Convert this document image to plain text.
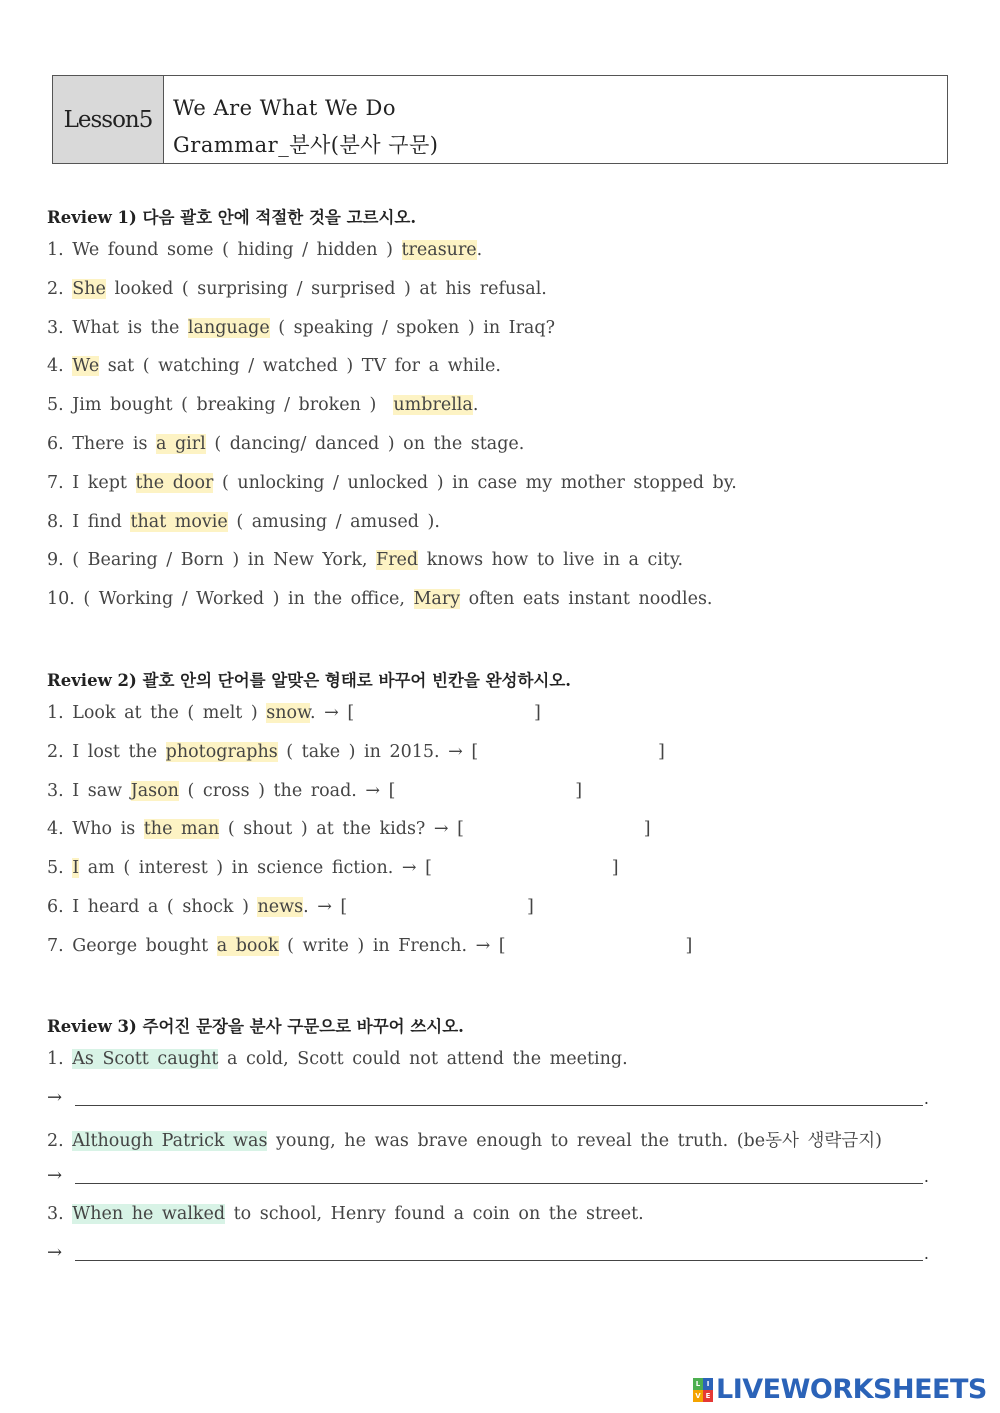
Lesson5 We Are What We Do
Grammar_분사(분사 구문)
Review 1) 다음 괄호 안에 적절한 것을 고르시오.
1. We found some ( hiding / hidden ) treasure.
2. She looked ( surprising / surprised ) at his refusal.
3. What is the language ( speaking / spoken ) in Iraq?
4. We sat ( watching / watched ) TV for a while.
5. Jim bought ( breaking / broken )  umbrella.
6. There is a girl ( dancing/ danced ) on the stage.
7. I kept the door ( unlocking / unlocked ) in case my mother stopped by.
8. I find that movie ( amusing / amused ).
9. ( Bearing / Born ) in New York, Fred knows how to live in a city.
10. ( Working / Worked ) in the office, Mary often eats instant noodles.
Review 2) 괄호 안의 단어를 알맞은 형태로 바꾸어 빈칸을 완성하시오.
1. Look at the ( melt ) snow. → [                     ]
2. I lost the photographs ( take ) in 2015. → [                     ]
3. I saw Jason ( cross ) the road. → [                     ]
4. Who is the man ( shout ) at the kids? → [                     ]
5. I am ( interest ) in science fiction. → [                     ]
6. I heard a ( shock ) news. → [                     ]
7. George bought a book ( write ) in French. → [                     ]
Review 3) 주어진 문장을 분사 구문으로 바꾸어 쓰시오.
1. As Scott caught a cold, Scott could not attend the meeting.
→	.
2. Although Patrick was young, he was brave enough to reveal the truth. (be동사 생략금지)
→	.
3. When he walked to school, Henry found a coin on the street.
→	.
L I
V E LIVEWORKSHEETS
